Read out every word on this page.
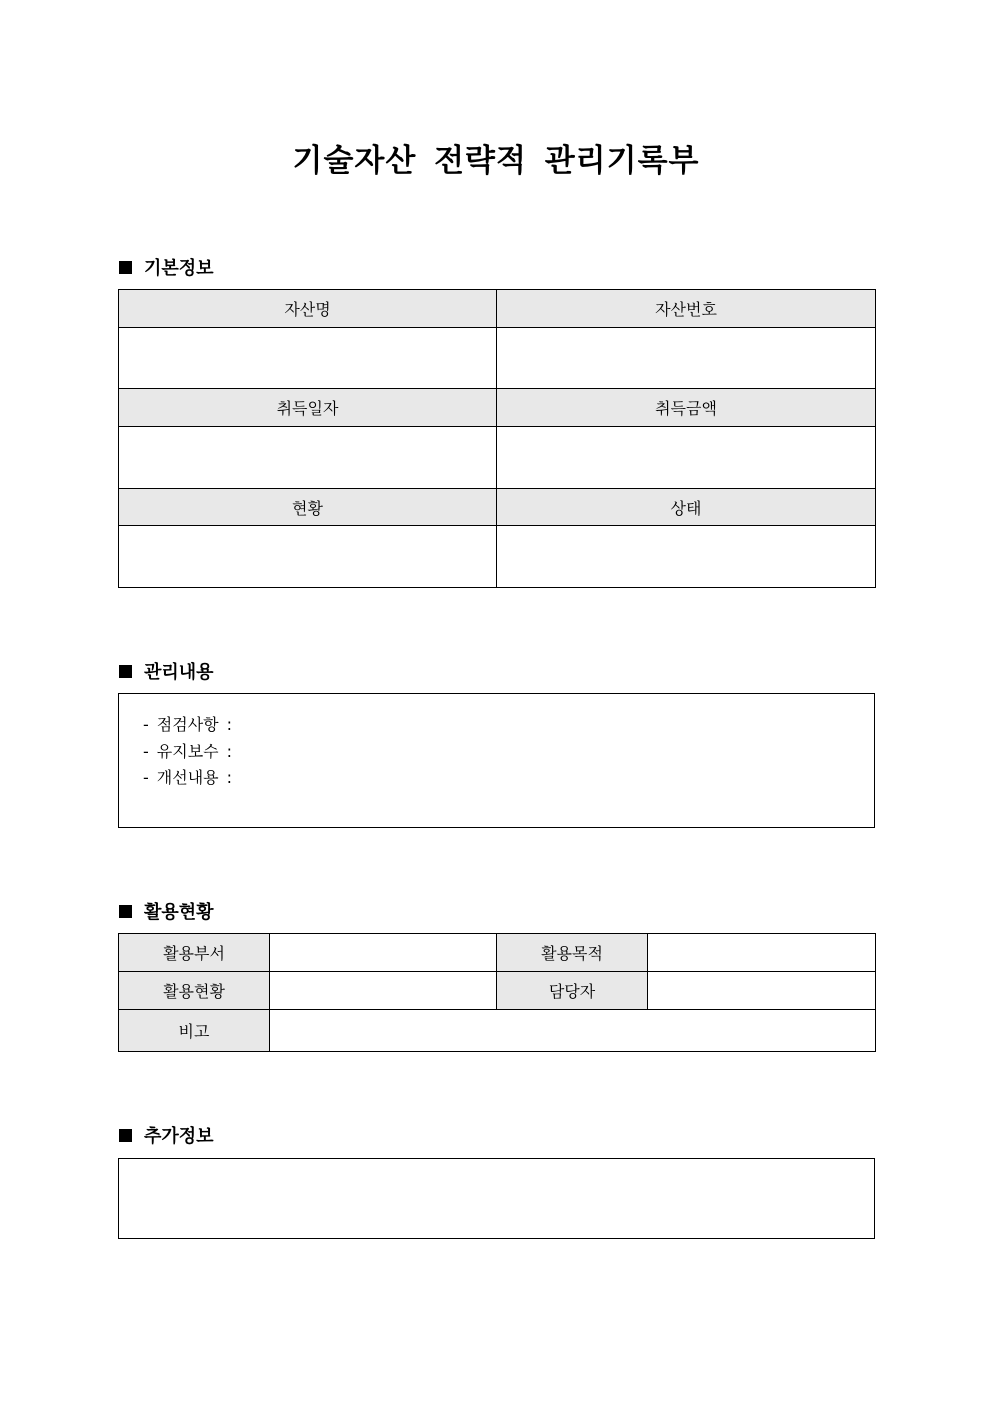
기술자산 전략적 관리기록부
기본정보
자산명	자산번호

취득일자	취득금액

현황	상태

관리내용
- 점검사항 :
- 유지보수 :
- 개선내용 :
활용현황
활용부서		활용목적	
활용현황		담당자	
비고			
추가정보
